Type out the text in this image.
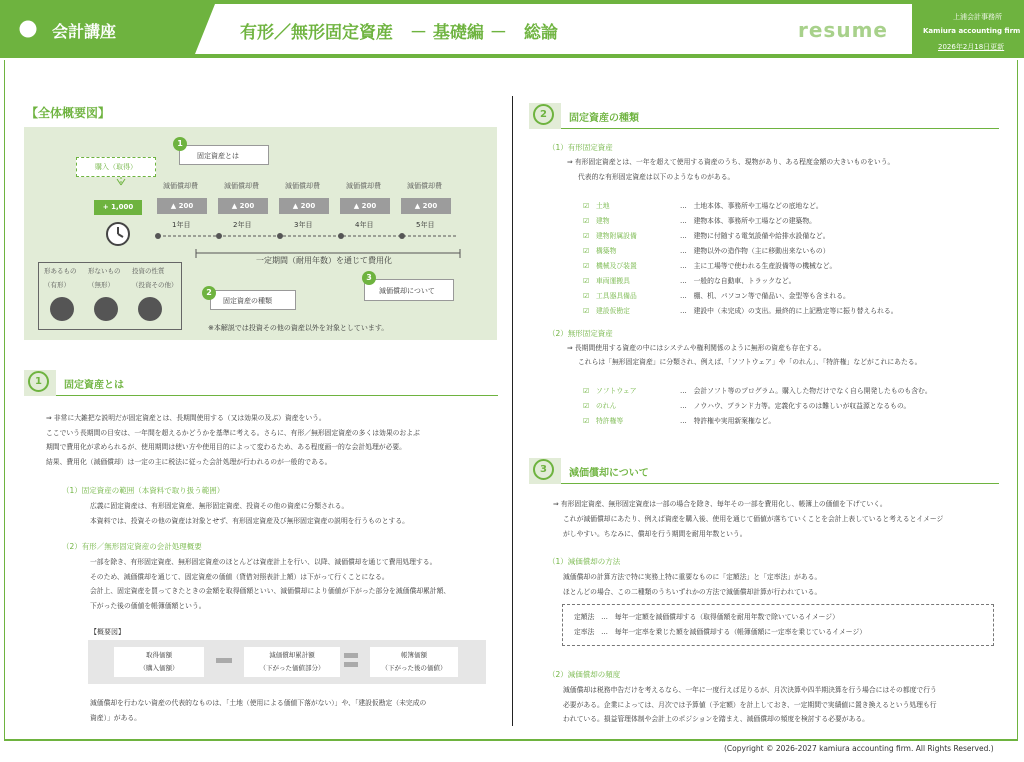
会計講座	有形／無形固定資産　－ 基礎編 －　総論	resume
上浦会計事務所
Kamiura accounting firm
2026年2月18日更新
【全体概要図】
購入（取得）
+ 1,000
一定期間（耐用年数）を通じて費用化
※本解説では投資その他の資産以外を対象としています。
固定資産とは
固定資産の種類
減価償却について
1
2
3
減価償却費
▲ 200
1年目
減価償却費
▲ 200
2年目
減価償却費
▲ 200
3年目
減価償却費
▲ 200
4年目
減価償却費
▲ 200
5年目
形あるもの
（有形）
形ないもの
（無形）
投資の性質
（投資その他）
1	固定資産とは
⇒ 非常に大雑把な説明だが固定資産とは、長期間使用する（又は効果の及ぶ）資産をいう。
ここでいう長期間の目安は、一年間を超えるかどうかを基準に考える。さらに、有形／無形固定資産の多くは効果のおよぶ
期間で費用化が求められるが、使用期間は使い方や使用目的によって変わるため、ある程度画一的な会計処理が必要。
結果、費用化（減価償却）は一定の主に税法に従った会計処理が行われるのが一般的である。
（1）固定資産の範囲（本資料で取り扱う範囲）
広義に固定資産は、有形固定資産、無形固定資産、投資その他の資産に分類される。
本資料では、投資その他の資産は対象とせず、有形固定資産及び無形固定資産の説明を行うものとする。
（2）有形／無形固定資産の会計処理概要
一部を除き、有形固定資産、無形固定資産のほとんどは資産計上を行い、以降、減価償却を通じて費用処理する。
そのため、減価償却を通じて、固定資産の価値（貸借対照表計上額）は下がって行くことになる。
会計上、固定資産を買ってきたときの金額を取得価額といい、減価償却により価値が下がった部分を減価償却累計額、
下がった後の価値を帳簿価額という。
減価償却を行わない資産の代表的なものは、「土地（使用による価値下落がない）」や、「建設仮勘定（未完成の
資産）」がある。
【概要図】
取得価額
（購入価額）
減価償却累計額
（下がった価値部分）
帳簿価額
（下がった後の価値）
2	固定資産の種類
（1）有形固定資産
⇒ 有形固定資産とは、一年を超えて使用する資産のうち、現物があり、ある程度金額の大きいものをいう。
代表的な有形固定資産は以下のようなものがある。
☑ 土地	…　土地本体、事務所や工場などの底地など。
☑ 建物	…　建物本体、事務所や工場などの建築物。
☑ 建物附属設備	…　建物に付随する電気設備や給排水設備など。
☑ 構築物	…　建物以外の造作物（主に移動出来ないもの）
☑ 機械及び装置	…　主に工場等で使われる生産設備等の機械など。
☑ 車両運搬具	…　一般的な自動車、トラックなど。
☑ 工具器具備品	…　棚、机、パソコン等で備品い、金型等も含まれる。
☑ 建設仮勘定	…　建設中（未完成）の支出。最終的に上記勘定等に振り替えられる。
（2）無形固定資産
⇒ 長期間使用する資産の中にはシステムや権利関係のように無形の資産も存在する。
これらは「無形固定資産」に分類され、例えば、「ソフトウェア」や「のれん」、「特許権」などがこれにあたる。
☑ ソフトウェア	…　会計ソフト等のプログラム。購入した物だけでなく自ら開発したものも含む。
☑ のれん	…　ノウハウ、ブランド力等。定義化するのは難しいが収益源となるもの。
☑ 特許権等	…　特許権や実用新案権など。
3	減価償却について
⇒ 有形固定資産、無形固定資産は一部の場合を除き、毎年その一部を費用化し、帳簿上の価値を下げていく。
これが減価償却にあたり、例えば資産を購入後、使用を通じて価値が落ちていくことを会計上表していると考えるとイメージ
がしやすい。ちなみに、償却を行う期間を耐用年数という。
（1）減価償却の方法
減価償却の計算方法で特に実務上特に重要なものに「定額法」と「定率法」がある。
ほとんどの場合、この二種類のうちいずれかの方法で減価償却計算が行われている。
定額法　…　毎年一定額を減価償却する（取得価額を耐用年数で除いているイメージ）
定率法　…　毎年一定率を乗じた額を減価償却する（帳簿価額に一定率を乗じているイメージ）
（2）減価償却の頻度
減価償却は税務申告だけを考えるなら、一年に一度行えば足りるが、月次決算や四半期決算を行う場合にはその都度で行う
必要がある。企業によっては、月次では予算値（予定額）を計上しておき、一定期間で実績値に置き換えるという処理も行
われている。損益管理体制や会計上のポジションを踏まえ、減価償却の頻度を検討する必要がある。
(Copyright © 2026-2027 kamiura accounting firm. All Rights Reserved.)
